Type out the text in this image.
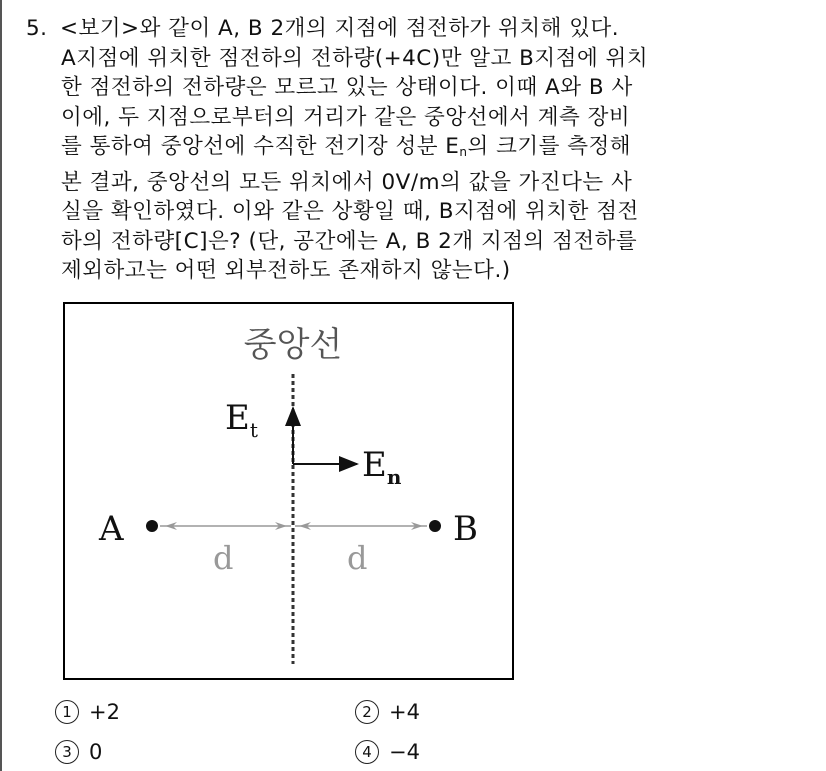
5. <보기>와 같이 A, B 2개의 지점에 점전하가 위치해 있다.
A지점에 위치한 점전하의 전하량(+4C)만 알고 B지점에 위치
한 점전하의 전하량은 모르고 있는 상태이다. 이때 A와 B 사
이에, 두 지점으로부터의 거리가 같은 중앙선에서 계측 장비
를 통하여 중앙선에 수직한 전기장 성분 $E_n$의 크기를 측정해
본 결과, 중앙선의 모든 위치에서 0V/m의 값을 가진다는 사
실을 확인하였다. 이와 같은 상황일 때, B지점에 위치한 점전
하의 전하량[C]은? (단, 공간에는 A, B 2개 지점의 점전하를
제외하고는 어떤 외부전하도 존재하지 않는다.)
중앙선
$E_t$
$E_n$
A	B
d	d
1 +2	2 +4
3 0	4 −4
